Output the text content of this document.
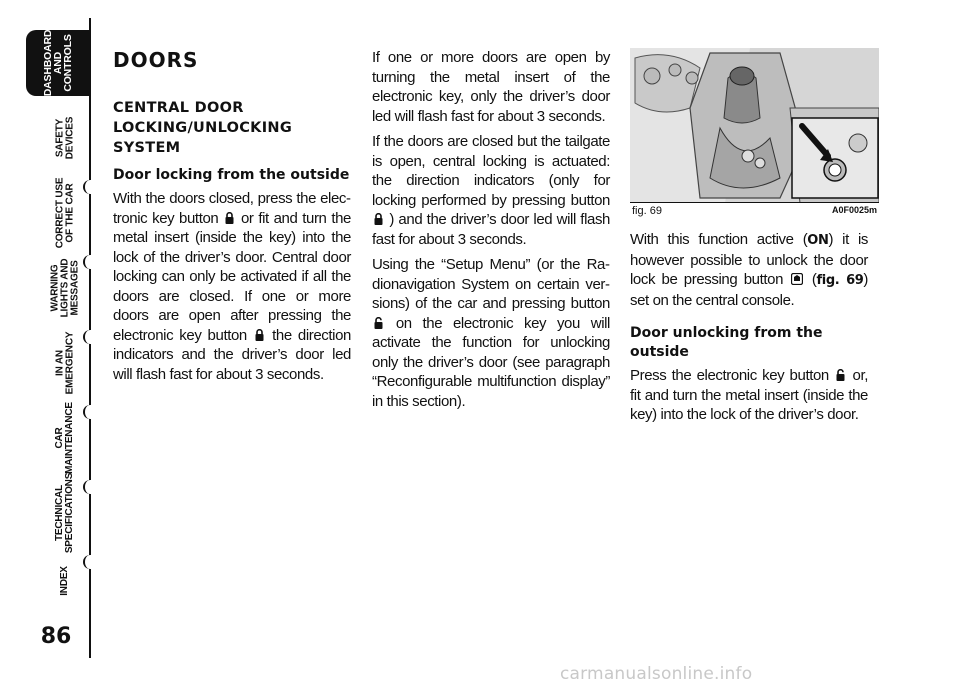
DASHBOARD
AND
CONTROLS
SAFETY
DEVICES
CORRECT USE
OF THE CAR
WARNING
LIGHTS AND
MESSAGES
IN AN
EMERGENCY
CAR
MAINTENANCE
TECHNICAL
SPECIFICATIONS
INDEX
86
DOORS
CENTRAL DOOR LOCKING/UNLOCKING SYSTEM
Door locking from the outside

With the doors closed, press the electronic key button or fit and turn the metal insert (inside the key) into the lock of the driver’s door. Central door locking can only be activated if all the doors are closed. If one or more doors are open after pressing the electronic key button the direction indicators and the driver’s door led will flash fast for about 3 seconds.

If one or more doors are open by turning the metal insert of the electronic key, only the driver’s door led will flash fast for about 3 seconds.

If the doors are closed but the tailgate is open, central locking is actuated: the direction indicators (only for locking performed by pressing button  ) and the driver’s door led will flash fast for about 3 seconds.

Using the “Setup Menu” (or the Radionavigation System on certain versions) of the car and pressing button  on the electronic key you will activate the function for unlocking only the driver’s door (see paragraph “Reconfigurable multifunction display” in this section).

fig. 69	A0F0025m

With this function active (ON) it is however possible to unlock the door lock be pressing button (fig. 69) set on the central console.

Door unlocking from the outside

Press the electronic key button or, fit and turn the metal insert (inside the key) into the lock of the driver’s door.

carmanualsonline.info
